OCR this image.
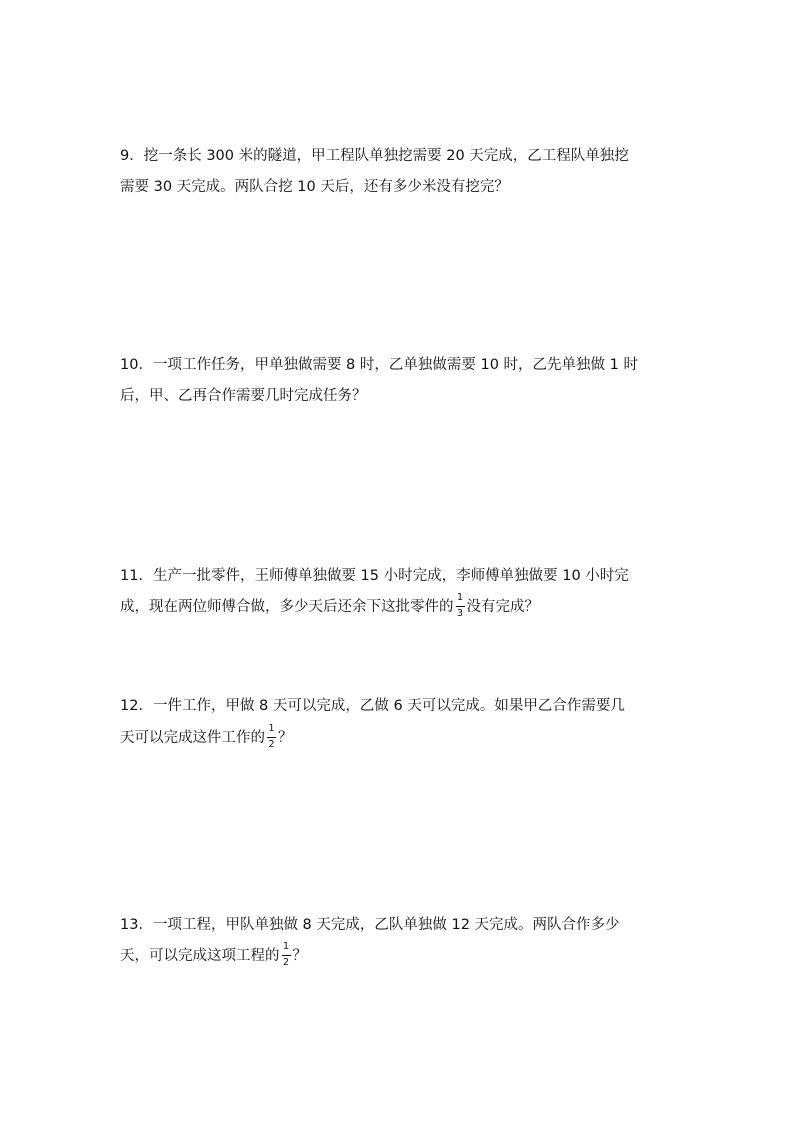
9．挖一条长 300 米的隧道，甲工程队单独挖需要 20 天完成，乙工程队单独挖
需要 30 天完成。两队合挖 10 天后，还有多少米没有挖完？
10．一项工作任务，甲单独做需要 8 时，乙单独做需要 10 时，乙先单独做 1 时
后，甲、乙再合作需要几时完成任务？
11．生产一批零件，王师傅单独做要 15 小时完成，李师傅单独做要 10 小时完
成，现在两位师傅合做，多少天后还余下这批零件的 $\frac{1}{3}$ 没有完成？
12．一件工作，甲做 8 天可以完成，乙做 6 天可以完成。如果甲乙合作需要几
天可以完成这件工作的 $\frac{1}{2}$ ？
13．一项工程，甲队单独做 8 天完成，乙队单独做 12 天完成。两队合作多少
天，可以完成这项工程的 $\frac{1}{2}$ ？
